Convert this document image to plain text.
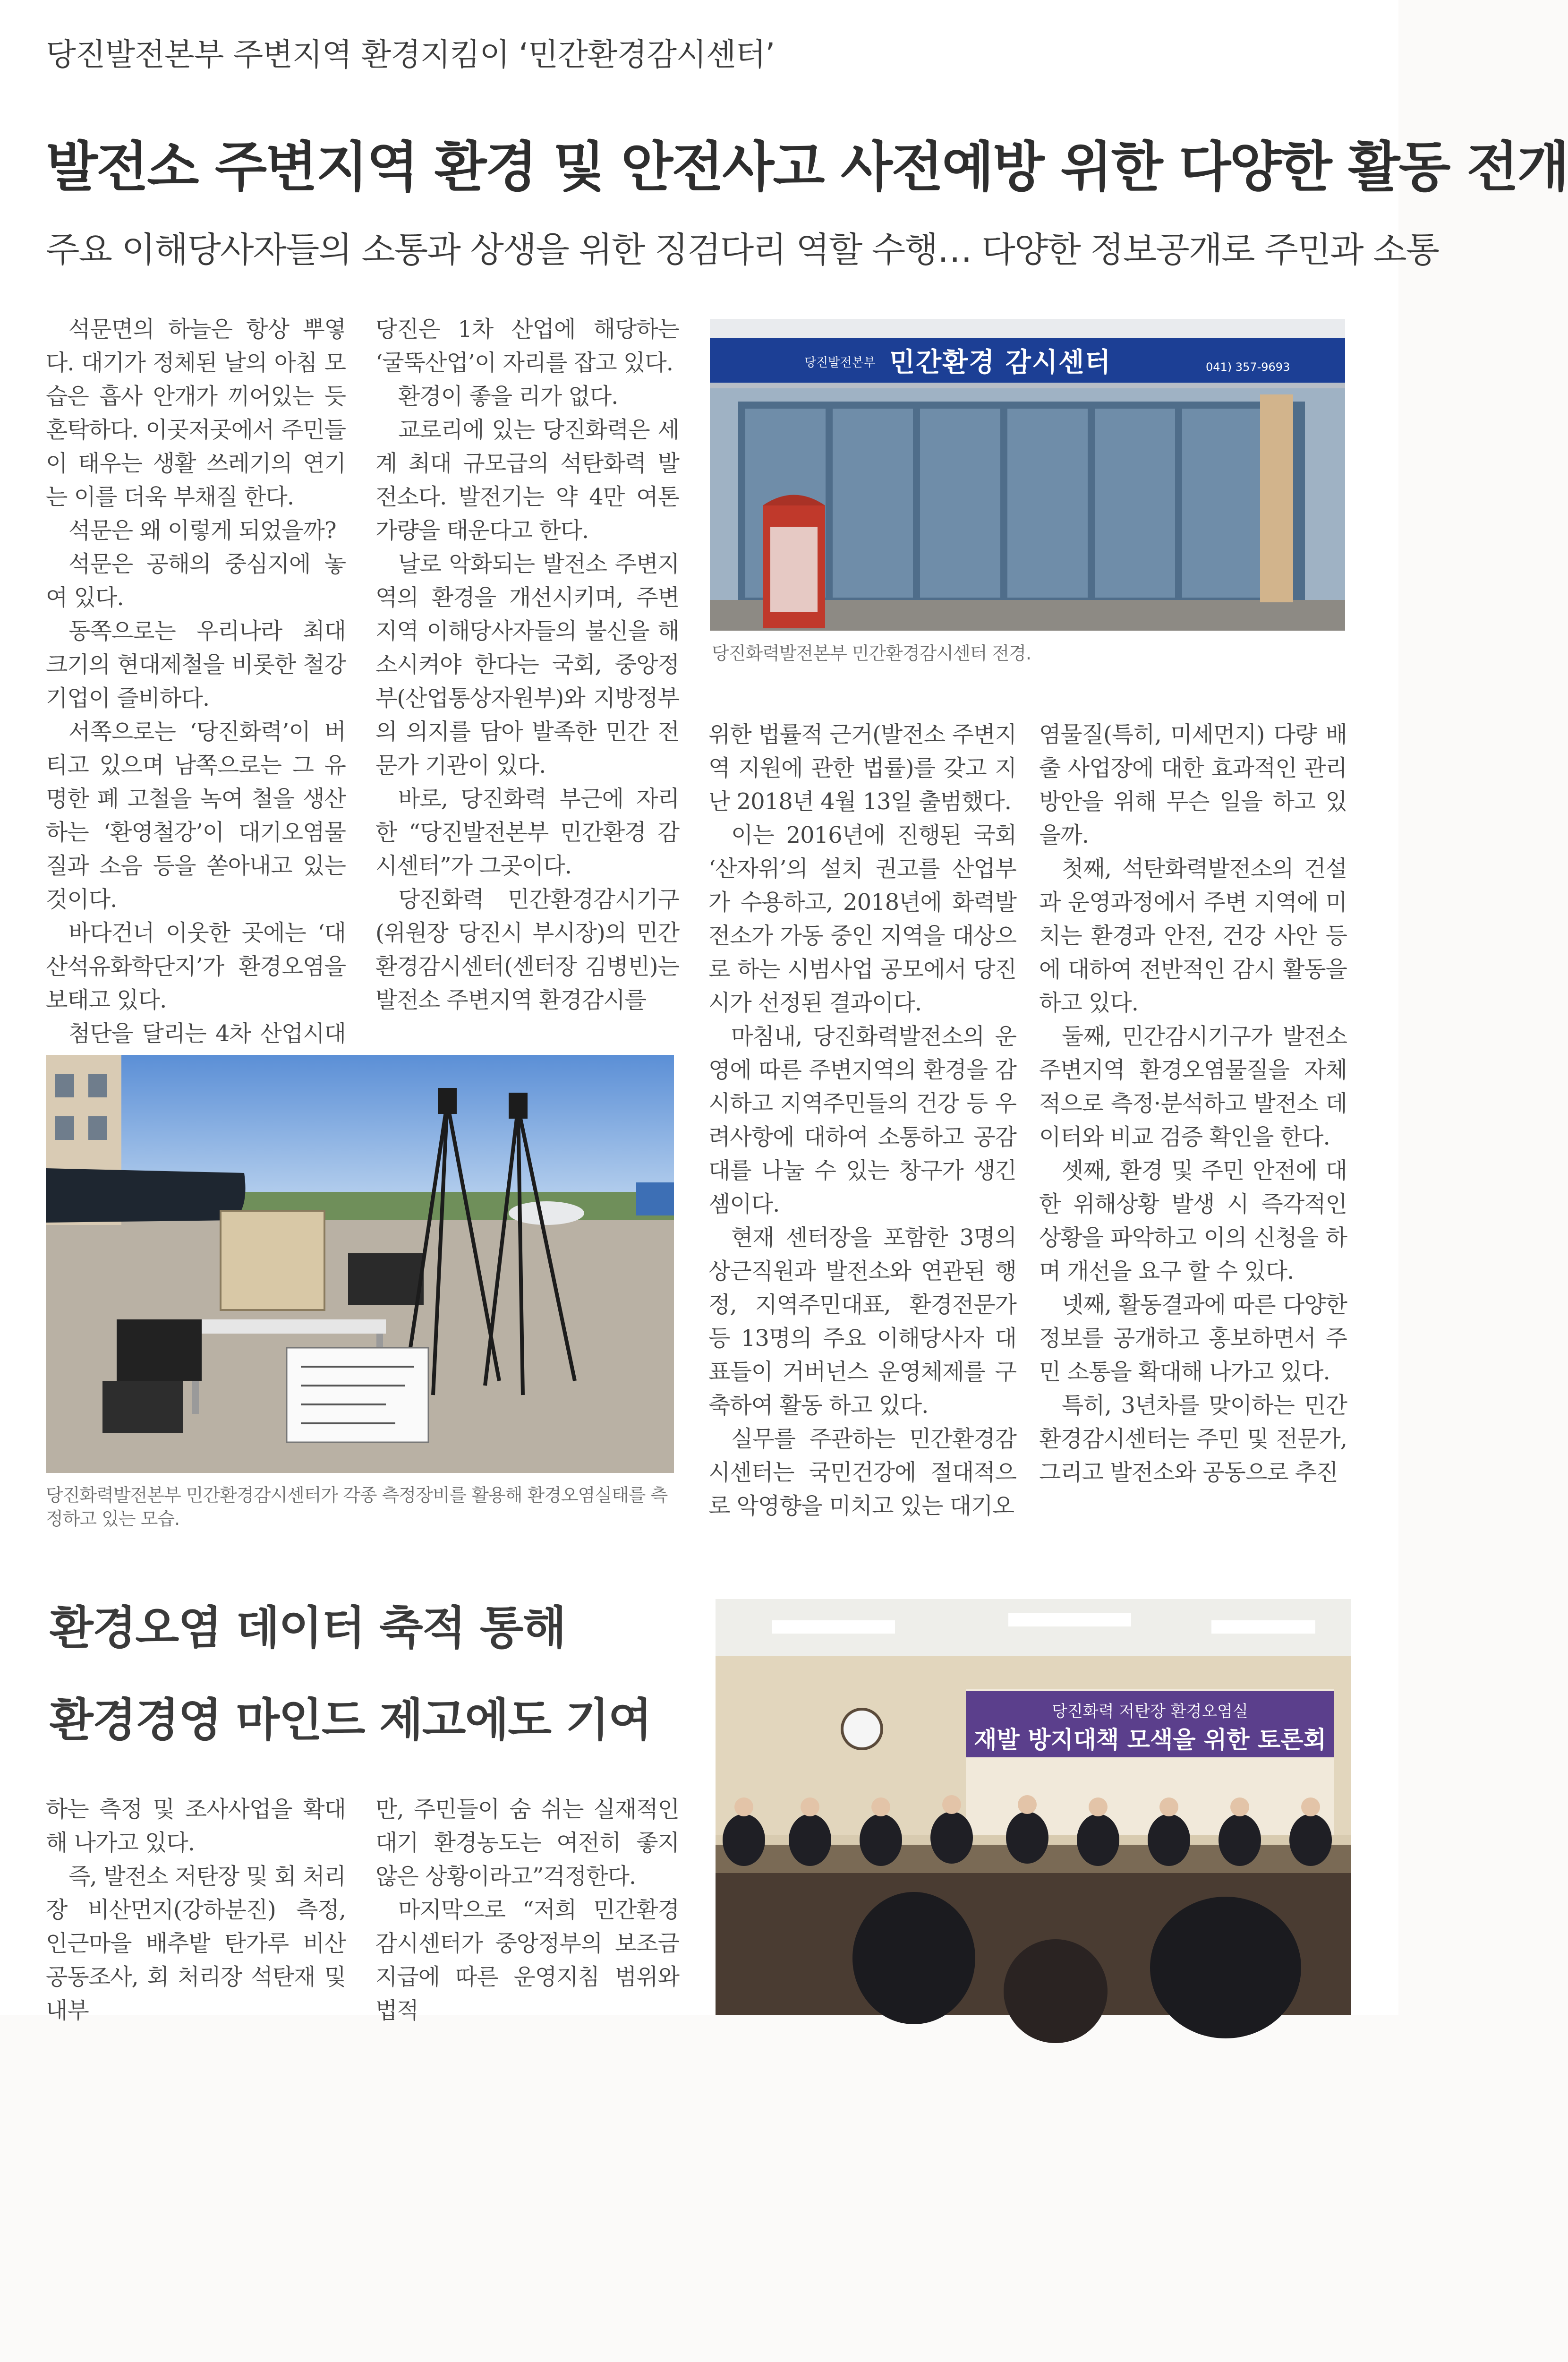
당진발전본부 주변지역 환경지킴이 ‘민간환경감시센터’
발전소 주변지역 환경 및 안전사고 사전예방 위한 다양한 활동 전개
주요 이해당사자들의 소통과 상생을 위한 징검다리 역할 수행… 다양한 정보공개로 주민과 소통

석문면의 하늘은 항상 뿌옇다. 대기가 정체된 날의 아침 모습은 흡사 안개가 끼어있는 듯 혼탁하다. 이곳저곳에서 주민들이 태우는 생활 쓰레기의 연기는 이를 더욱 부채질 한다.

석문은 왜 이렇게 되었을까?

석문은 공해의 중심지에 놓여 있다.

동쪽으로는 우리나라 최대 크기의 현대제철을 비롯한 철강기업이 즐비하다.

서쪽으로는 ‘당진화력’이 버티고 있으며 남쪽으로는 그 유명한 폐 고철을 녹여 철을 생산하는 ‘환영철강’이 대기오염물질과 소음 등을 쏟아내고 있는 것이다.

바다건너 이웃한 곳에는 ‘대산석유화학단지’가 환경오염을 보태고 있다.

첨단을 달리는 4차 산업시대

당진은 1차 산업에 해당하는 ‘굴뚝산업’이 자리를 잡고 있다.

환경이 좋을 리가 없다.

교로리에 있는 당진화력은 세계 최대 규모급의 석탄화력 발전소다. 발전기는 약 4만 여톤 가량을 태운다고 한다.

날로 악화되는 발전소 주변지역의 환경을 개선시키며, 주변지역 이해당사자들의 불신을 해소시켜야 한다는 국회, 중앙정부(산업통상자원부)와 지방정부의 의지를 담아 발족한 민간 전문가 기관이 있다.

바로, 당진화력 부근에 자리한 “당진발전본부 민간환경 감시센터”가 그곳이다.

당진화력 민간환경감시기구(위원장 당진시 부시장)의 민간환경감시센터(센터장 김병빈)는 발전소 주변지역 환경감시를

민간환경 감시센터
당진발전본부	041) 357-9693
당진화력발전본부 민간환경감시센터 전경.

위한 법률적 근거(발전소 주변지역 지원에 관한 법률)를 갖고 지난 2018년 4월 13일 출범했다.

이는 2016년에 진행된 국회 ‘산자위’의 설치 권고를 산업부가 수용하고, 2018년에 화력발전소가 가동 중인 지역을 대상으로 하는 시범사업 공모에서 당진시가 선정된 결과이다.

마침내, 당진화력발전소의 운영에 따른 주변지역의 환경을 감시하고 지역주민들의 건강 등 우려사항에 대하여 소통하고 공감대를 나눌 수 있는 창구가 생긴 셈이다.

현재 센터장을 포함한 3명의 상근직원과 발전소와 연관된 행정, 지역주민대표, 환경전문가 등 13명의 주요 이해당사자 대표들이 거버넌스 운영체제를 구축하여 활동 하고 있다.

실무를 주관하는 민간환경감시센터는 국민건강에 절대적으로 악영향을 미치고 있는 대기오

염물질(특히, 미세먼지) 다량 배출 사업장에 대한 효과적인 관리방안을 위해 무슨 일을 하고 있을까.

첫째, 석탄화력발전소의 건설과 운영과정에서 주변 지역에 미치는 환경과 안전, 건강 사안 등에 대하여 전반적인 감시 활동을 하고 있다.

둘째, 민간감시기구가 발전소 주변지역 환경오염물질을 자체적으로 측정·분석하고 발전소 데이터와 비교 검증 확인을 한다.

셋째, 환경 및 주민 안전에 대한 위해상황 발생 시 즉각적인 상황을 파악하고 이의 신청을 하며 개선을 요구 할 수 있다.

넷째, 활동결과에 따른 다양한 정보를 공개하고 홍보하면서 주민 소통을 확대해 나가고 있다.

특히, 3년차를 맞이하는 민간환경감시센터는 주민 및 전문가, 그리고 발전소와 공동으로 추진

당진화력발전본부 민간환경감시센터가 각종 측정장비를 활용해 환경오염실태를 측정하고 있는 모습.
환경오염 데이터 축적 통해
환경경영 마인드 제고에도 기여

하는 측정 및 조사사업을 확대해 나가고 있다.

즉, 발전소 저탄장 및 회 처리장 비산먼지(강하분진) 측정, 인근마을 배추밭 탄가루 비산 공동조사, 회 처리장 석탄재 및 내부

만, 주민들이 숨 쉬는 실재적인 대기 환경농도는 여전히 좋지 않은 상황이라고”걱정한다.

마지막으로 “저희 민간환경감시센터가 중앙정부의 보조금 지급에 따른 운영지침 범위와 법적

당진화력 저탄장 환경오염실
재발 방지대책 모색을 위한 토론회
